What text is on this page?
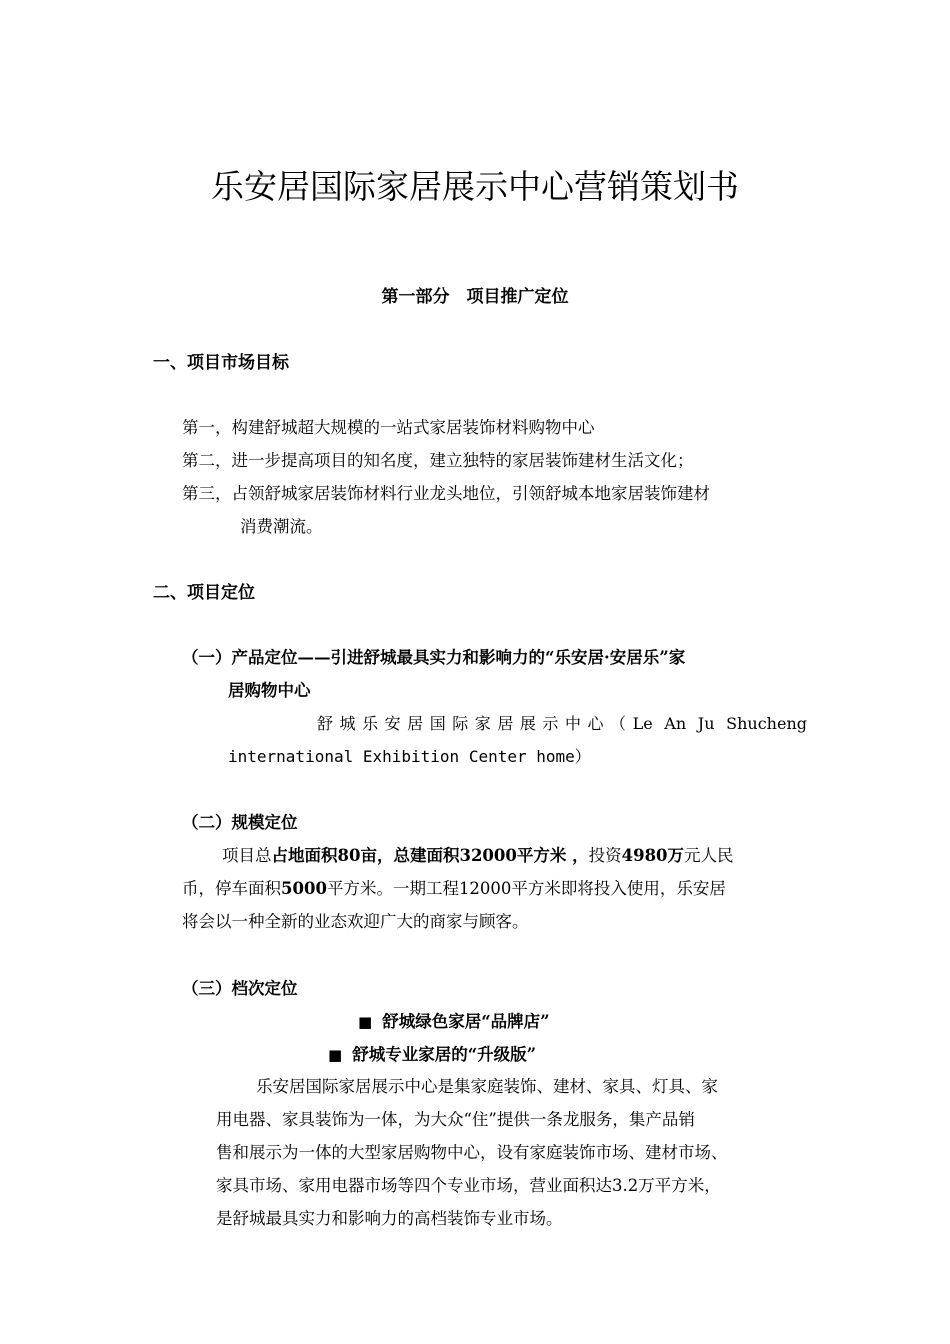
乐安居国际家居展示中心营销策划书
第一部分　项目推广定位
一、项目市场目标
第一，构建舒城超大规模的一站式家居装饰材料购物中心
第二，进一步提高项目的知名度，建立独特的家居装饰建材生活文化；
第三，占领舒城家居装饰材料行业龙头地位，引领舒城本地家居装饰建材
消费潮流。
二、项目定位
（一）产品定位——引进舒城最具实力和影响力的“乐安居·安居乐”家
居购物中心
舒城乐安居国际家居展示中心（Le An Ju Shucheng
international Exhibition Center home）
（二）规模定位
项目总占地面积80亩，总建面积32000平方米 ，投资4980万元人民
币，停车面积5000平方米。一期工程12000平方米即将投入使用，乐安居
将会以一种全新的业态欢迎广大的商家与顾客。
（三）档次定位
■ 舒城绿色家居“品牌店”
■ 舒城专业家居的“升级版”
乐安居国际家居展示中心是集家庭装饰、建材、家具、灯具、家
用电器、家具装饰为一体，为大众“住”提供一条龙服务，集产品销
售和展示为一体的大型家居购物中心，设有家庭装饰市场、建材市场、
家具市场、家用电器市场等四个专业市场，营业面积达3.2万平方米，
是舒城最具实力和影响力的高档装饰专业市场。
